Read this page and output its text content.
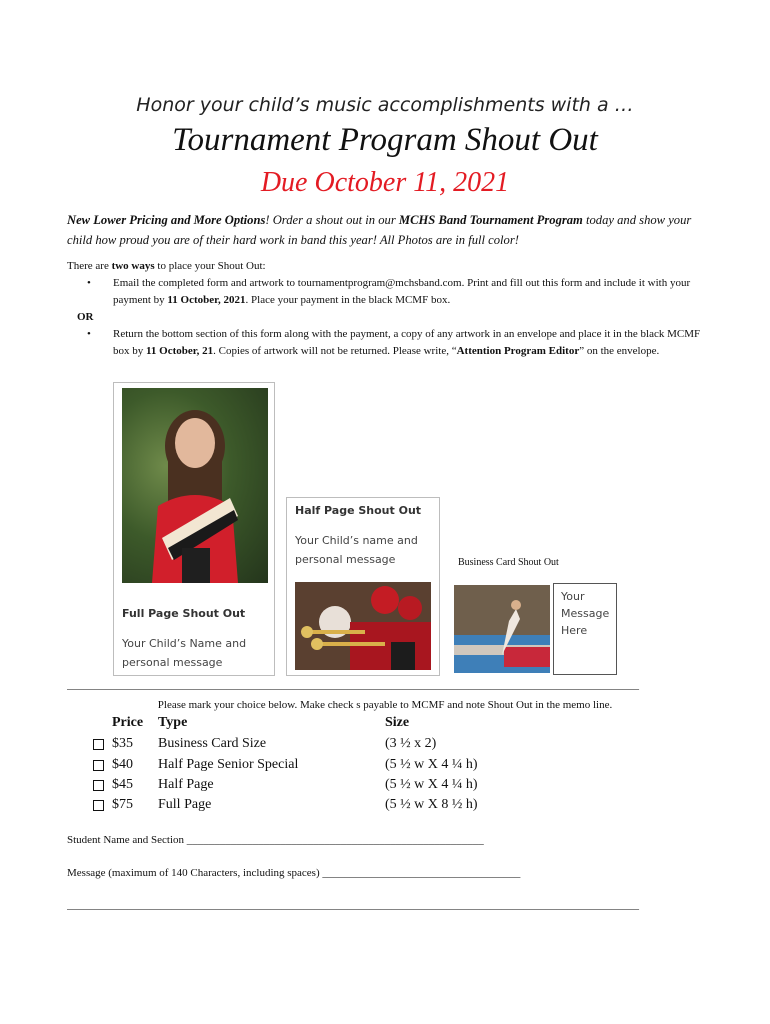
Honor your child’s music accomplishments with a …
Tournament Program Shout Out
Due October 11, 2021
New Lower Pricing and More Options! Order a shout out in our MCHS Band Tournament Program today and show your child how proud you are of their hard work in band this year! All Photos are in full color!
There are two ways to place your Shout Out:
• Email the completed form and artwork to tournamentprogram@mchsband.com. Print and fill out this form and include it with your payment by 11 October, 2021. Place your payment in the black MCMF box.
OR
• Return the bottom section of this form along with the payment, a copy of any artwork in an envelope and place it in the black MCMF box by 11 October, 21. Copies of artwork will not be returned. Please write, “Attention Program Editor” on the envelope.
Full Page Shout Out
Your Child’s Name and
personal message
Half Page Shout Out
Your Child’s name and
personal message	Business Card Shout Out
Your
Message
Here
________________________________________________________________________________________________________
Please mark your choice below. Make check s payable to MCMF and note Shout Out in the memo line.
Price Type	Size
$35 Business Card Size	(3 ½ x 2)
$40 Half Page Senior Special	(5 ½ w X 4 ¼ h)
$45 Half Page	(5 ½ w X 4 ¼ h)
$75 Full Page	(5 ½ w X 8 ½ h)
Student Name and Section ______________________________________________________
Message (maximum of 140 Characters, including spaces) ____________________________________
________________________________________________________________________________________________________
